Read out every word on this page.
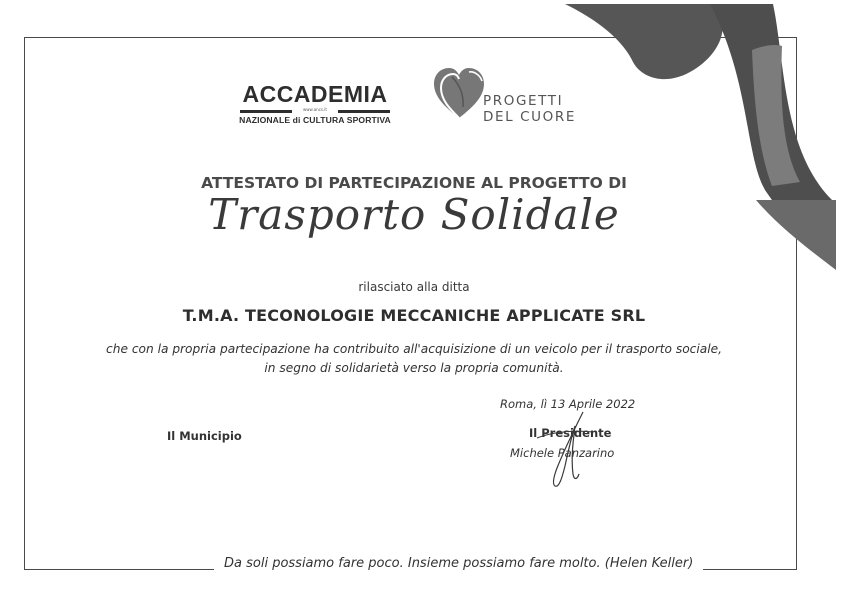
ACCADEMIA
www.ancs.it
NAZIONALE di CULTURA SPORTIVA
PROGETTI
DEL CUORE
ATTESTATO DI PARTECIPAZIONE AL PROGETTO DI
Trasporto Solidale
rilasciato alla ditta
T.M.A. TECONOLOGIE MECCANICHE APPLICATE SRL
che con la propria partecipazione ha contribuito all'acquisizione di un veicolo per il trasporto sociale,
in segno di solidarietà verso la propria comunità.
Roma, lì 13 Aprile 2022
Il Municipio	Il Presidente
Michele Panzarino
Da soli possiamo fare poco. Insieme possiamo fare molto. (Helen Keller)
